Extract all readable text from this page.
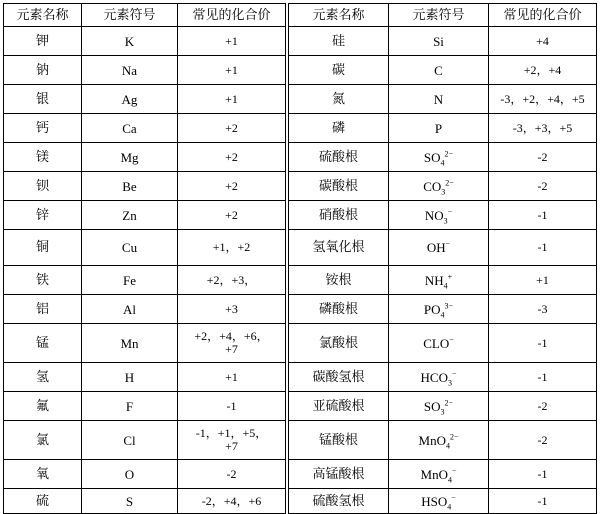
元素名称	元素符号	常见的化合价
钾	K	+1
钠	Na	+1
银	Ag	+1
钙	Ca	+2
镁	Mg	+2
钡	Be	+2
锌	Zn	+2
铜	Cu	+1，+2
铁	Fe	+2，+3，
铝	Al	+3
锰	Mn	+2，+4，+6，
+7
氢	H	+1
氟	F	-1
氯	Cl	-1，+1，+5，
+7
氧	O	-2
硫	S	-2，+4，+6
元素名称	元素符号	常见的化合价
硅	Si	+4
碳	C	+2，+4
氮	N	-3，+2，+4，+5
磷	P	-3，+3，+5
硫酸根	$SO_4^{2-}$	-2
碳酸根	$CO_3^{2-}$	-2
硝酸根	$NO_3^-$	-1
氢氧化根	OH−	-1
铵根	$NH_4^+$	+1
磷酸根	$PO_4^{3-}$	-3
氯酸根	CLO−	-1
碳酸氢根	$HCO_3^-$	-1
亚硫酸根	$SO_3^{2-}$	-2
锰酸根	MnO$_4^{2-}$	-2
高锰酸根	MnO$_4$−	-1
硫酸氢根	$HSO_4^-$	-1
